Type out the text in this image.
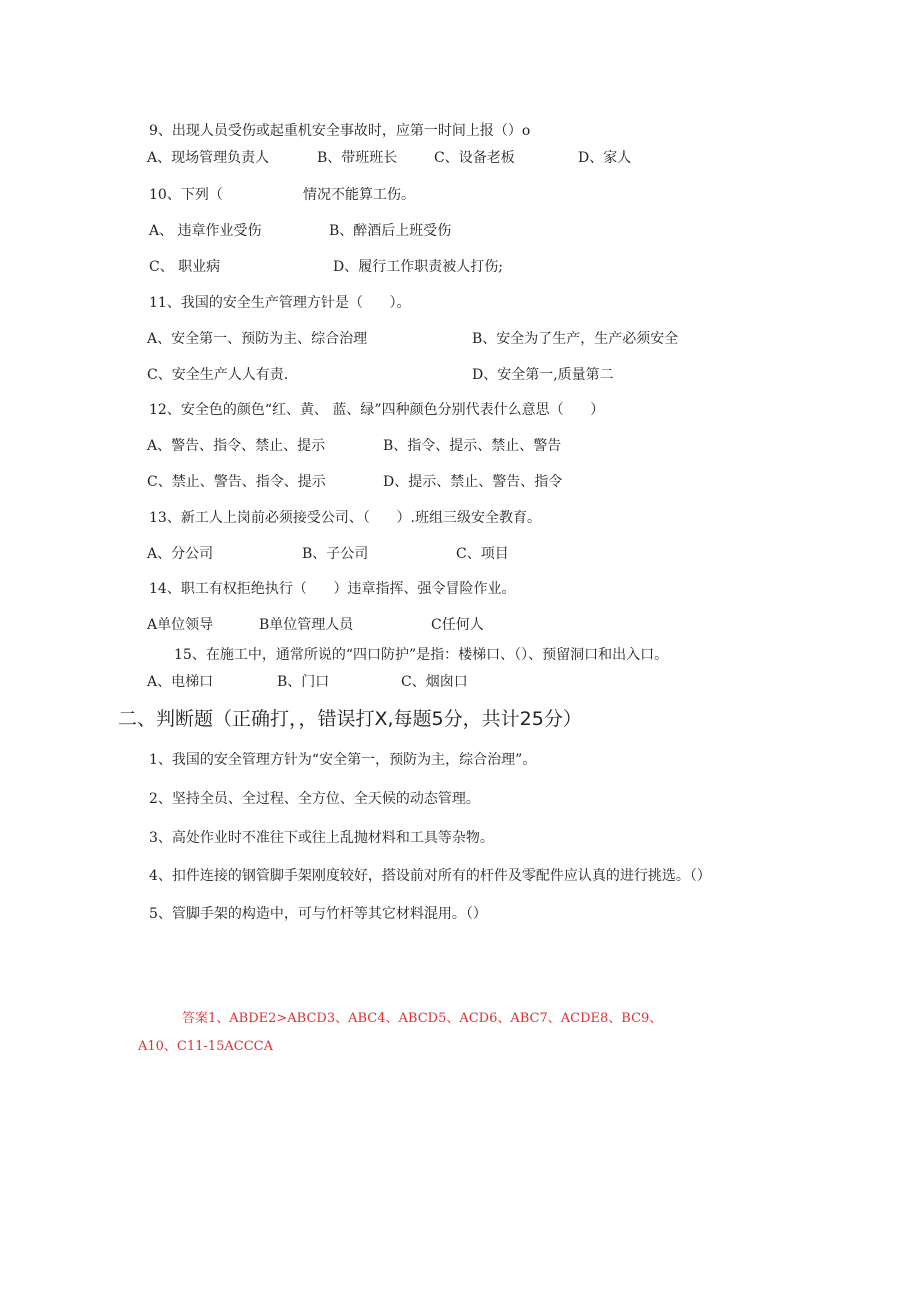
9、出现人员受伤或起重机安全事故时，应第一时间上报（）o
A、现场管理负责人	B、带班班长	C、设备老板	D、家人
10、下列（	情况不能算工伤。
A、 违章作业受伤	B、醉酒后上班受伤
C、 职业病	D、履行工作职责被人打伤;
11、我国的安全生产管理方针是（      ）。
A、安全第一、预防为主、综合治理	B、安全为了生产，生产必须安全
C、安全生产人人有责.	D、安全第一,质量第二
12、安全色的颜色“红、黄、 蓝、绿”四种颜色分别代表什么意思（      ）
A、警告、指令、禁止、提示	B、指令、提示、禁止、警告
C、禁止、警告、指令、提示	D、提示、禁止、警告、指令
13、新工人上岗前必须接受公司、（      ）.班组三级安全教育。
A、分公司	B、子公司	C、项目
14、职工有权拒绝执行（      ）违章指挥、强令冒险作业。
A单位领导	B单位管理人员	C任何人
15、在施工中，通常所说的“四口防护”是指：楼梯口、（）、预留洞口和出入口。
A、电梯口	B、门口	C、烟囱口
二、判断题（正确打，，错误打X,每题5分，共计25分）
1、我国的安全管理方针为“安全第一，预防为主，综合治理”。
2、坚持全员、全过程、全方位、全天候的动态管理。
3、高处作业时不准往下或往上乱抛材料和工具等杂物。
4、扣件连接的钢管脚手架刚度较好，搭设前对所有的杆件及零配件应认真的进行挑选。（）
5、管脚手架的构造中，可与竹杆等其它材料混用。（）
答案1、ABDE2>ABCD3、ABC4、ABCD5、ACD6、ABC7、ACDE8、BC9、
A10、C11-15ACCCA
